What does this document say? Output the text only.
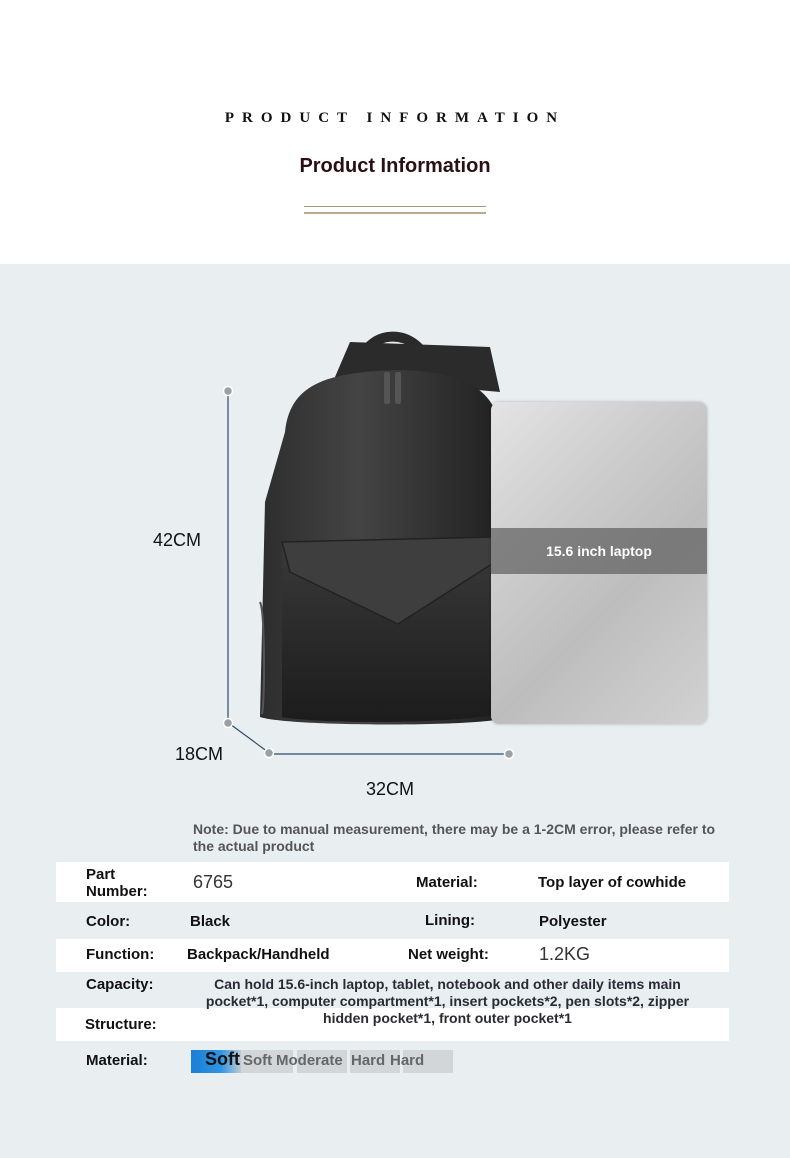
PRODUCT INFORMATION
Product Information
15.6 inch laptop
42CM
18CM
32CM
Note: Due to manual measurement, there may be a 1-2CM error, please refer to the actual product
Part
Number:	6765	Material:	Top layer of cowhide
Color:	Black	Lining:	Polyester
Function: Backpack/Handheld	Net weight:	1.2KG
Capacity:	Can hold 15.6-inch laptop, tablet, notebook and other daily items main pocket*1, computer compartment*1, insert pockets*2, pen slots*2, zipper hidden pocket*1, front outer pocket*1
Structure:
Material:	Soft Soft Moderate Hard Hard
